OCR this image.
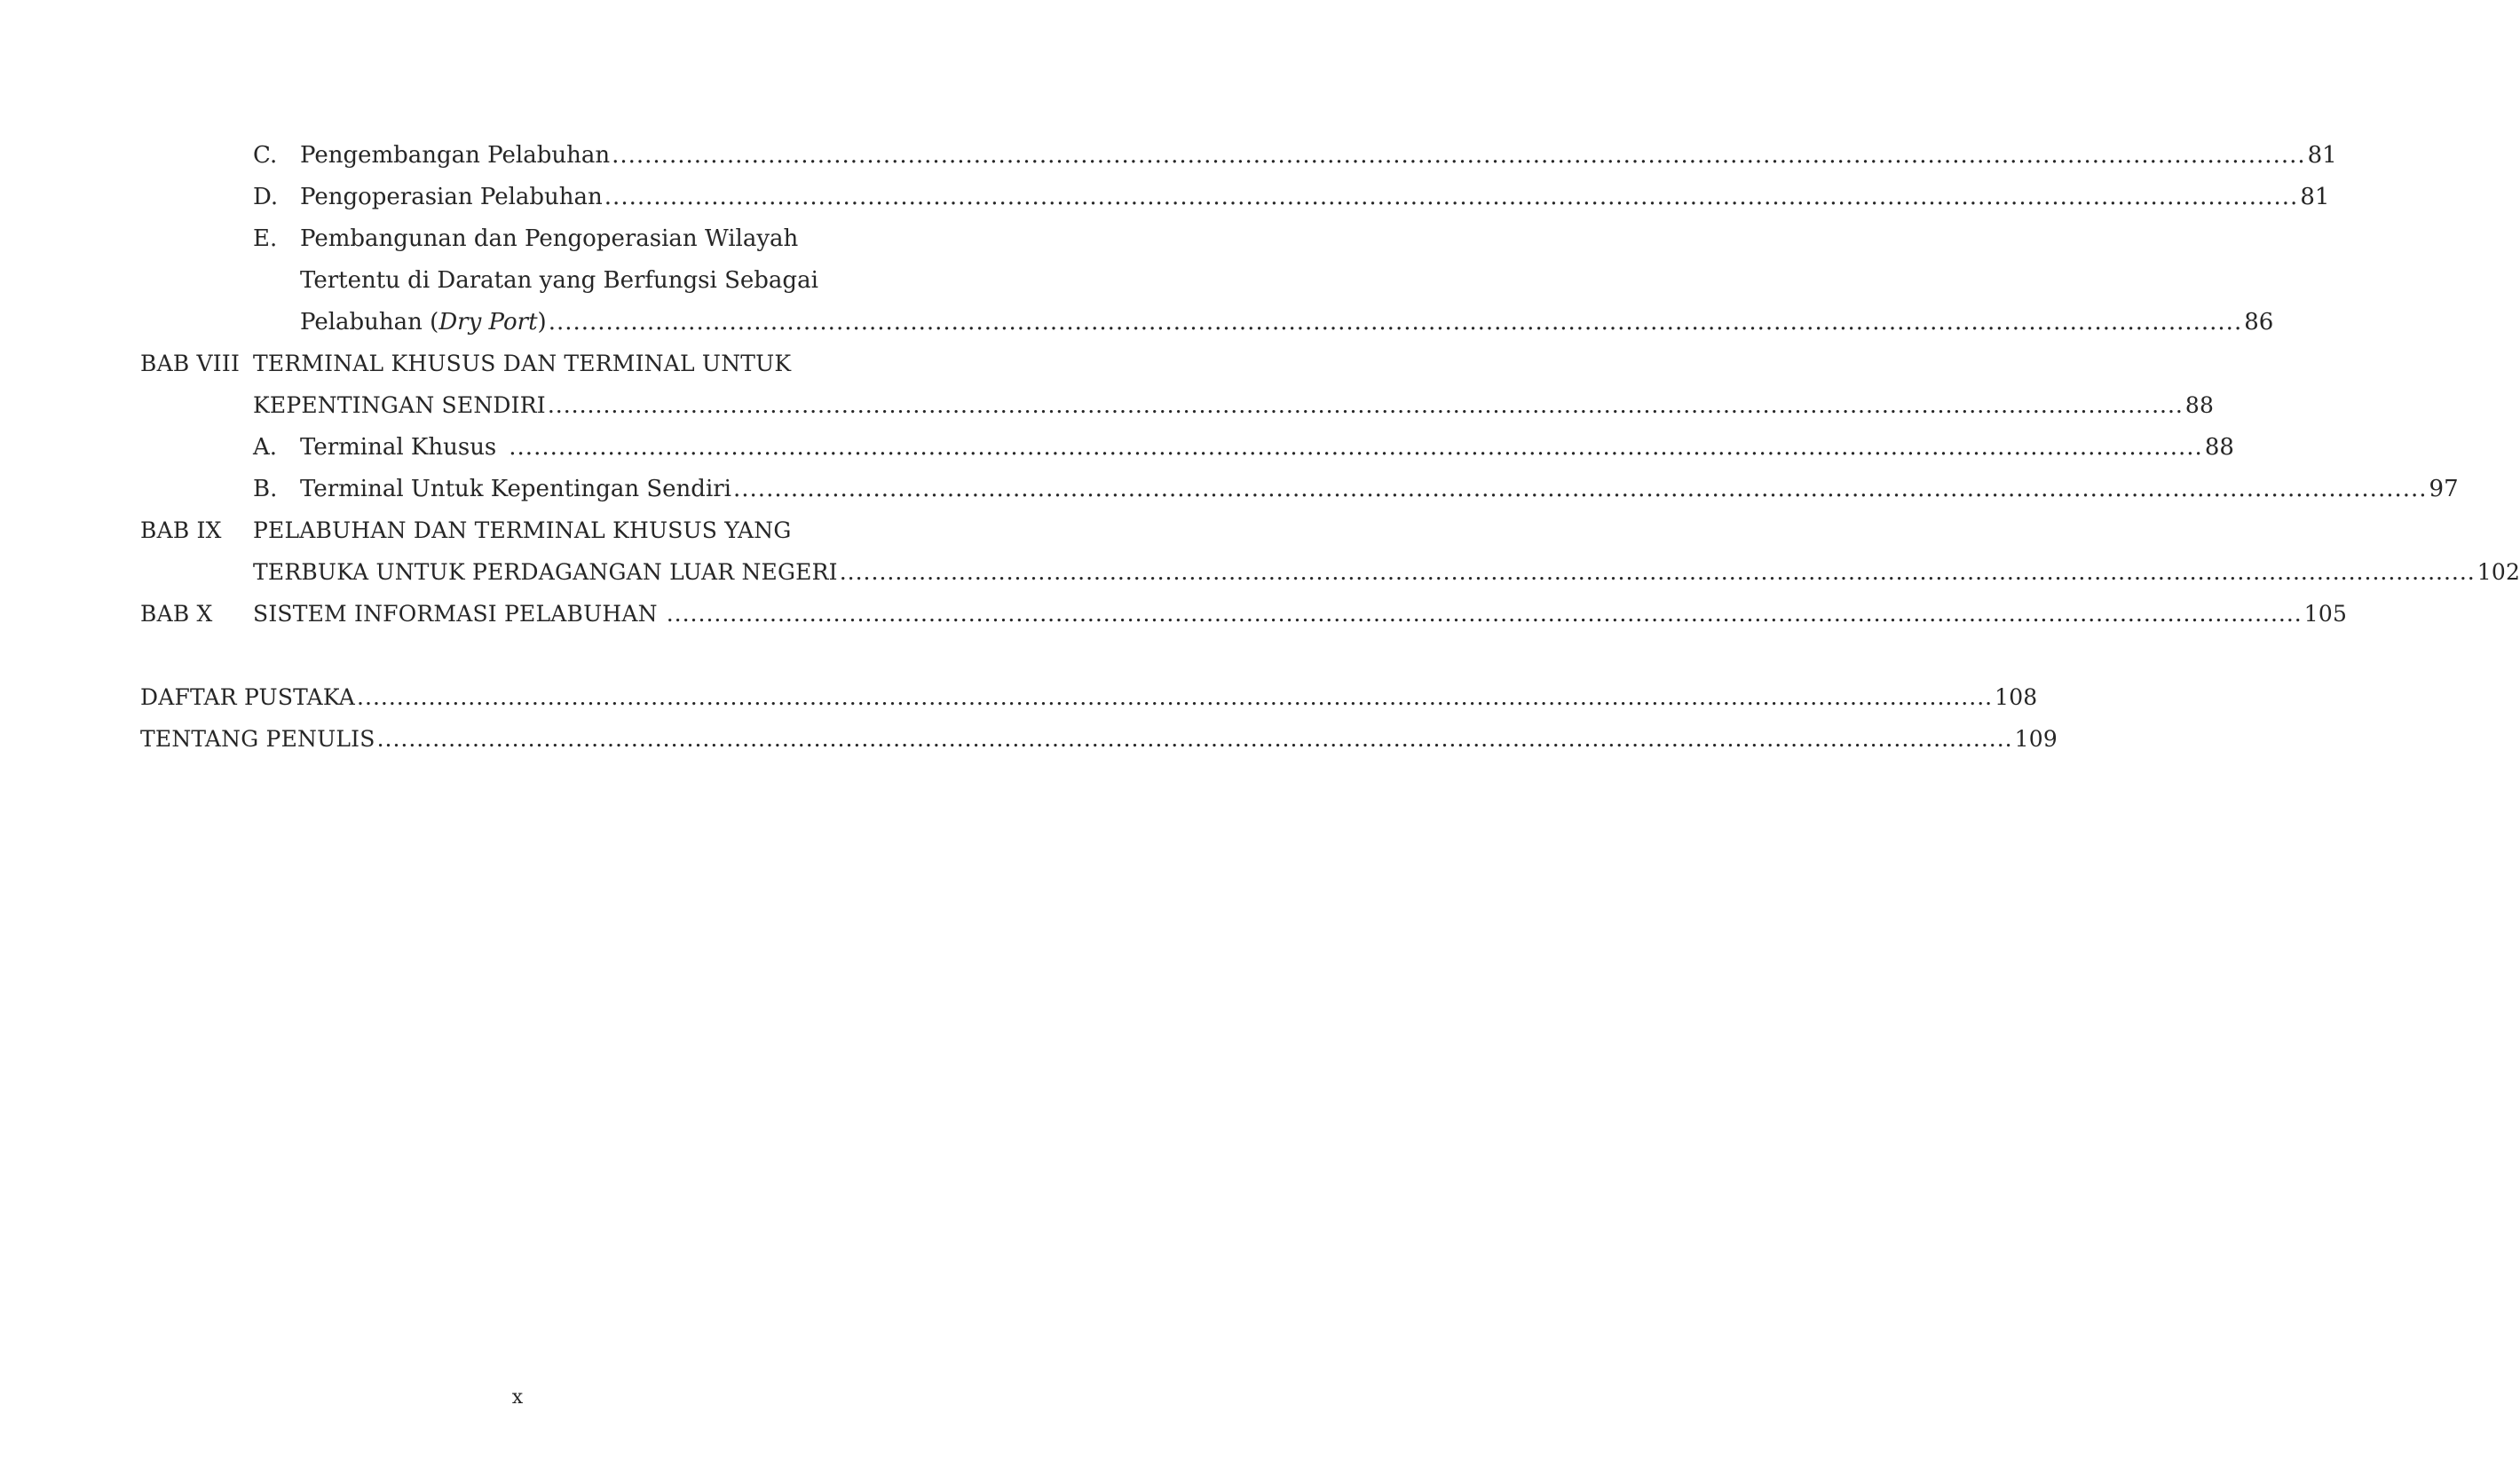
C. Pengembangan Pelabuhan .....	81
D. Pengoperasian Pelabuhan .....	81
E. Pembangunan dan Pengoperasian Wilayah
Tertentu di Daratan yang Berfungsi Sebagai
Pelabuhan (Dry Port) .....	86
BAB VIII TERMINAL KHUSUS DAN TERMINAL UNTUK
KEPENTINGAN SENDIRI .....	88
A. Terminal Khusus .....	88
B. Terminal Untuk Kepentingan Sendiri .....	97
BAB IX PELABUHAN DAN TERMINAL KHUSUS YANG
TERBUKA UNTUK PERDAGANGAN LUAR NEGERI .....	102
BAB X SISTEM INFORMASI PELABUHAN .....	105
DAFTAR PUSTAKA .....	108
TENTANG PENULIS .....	109
x
